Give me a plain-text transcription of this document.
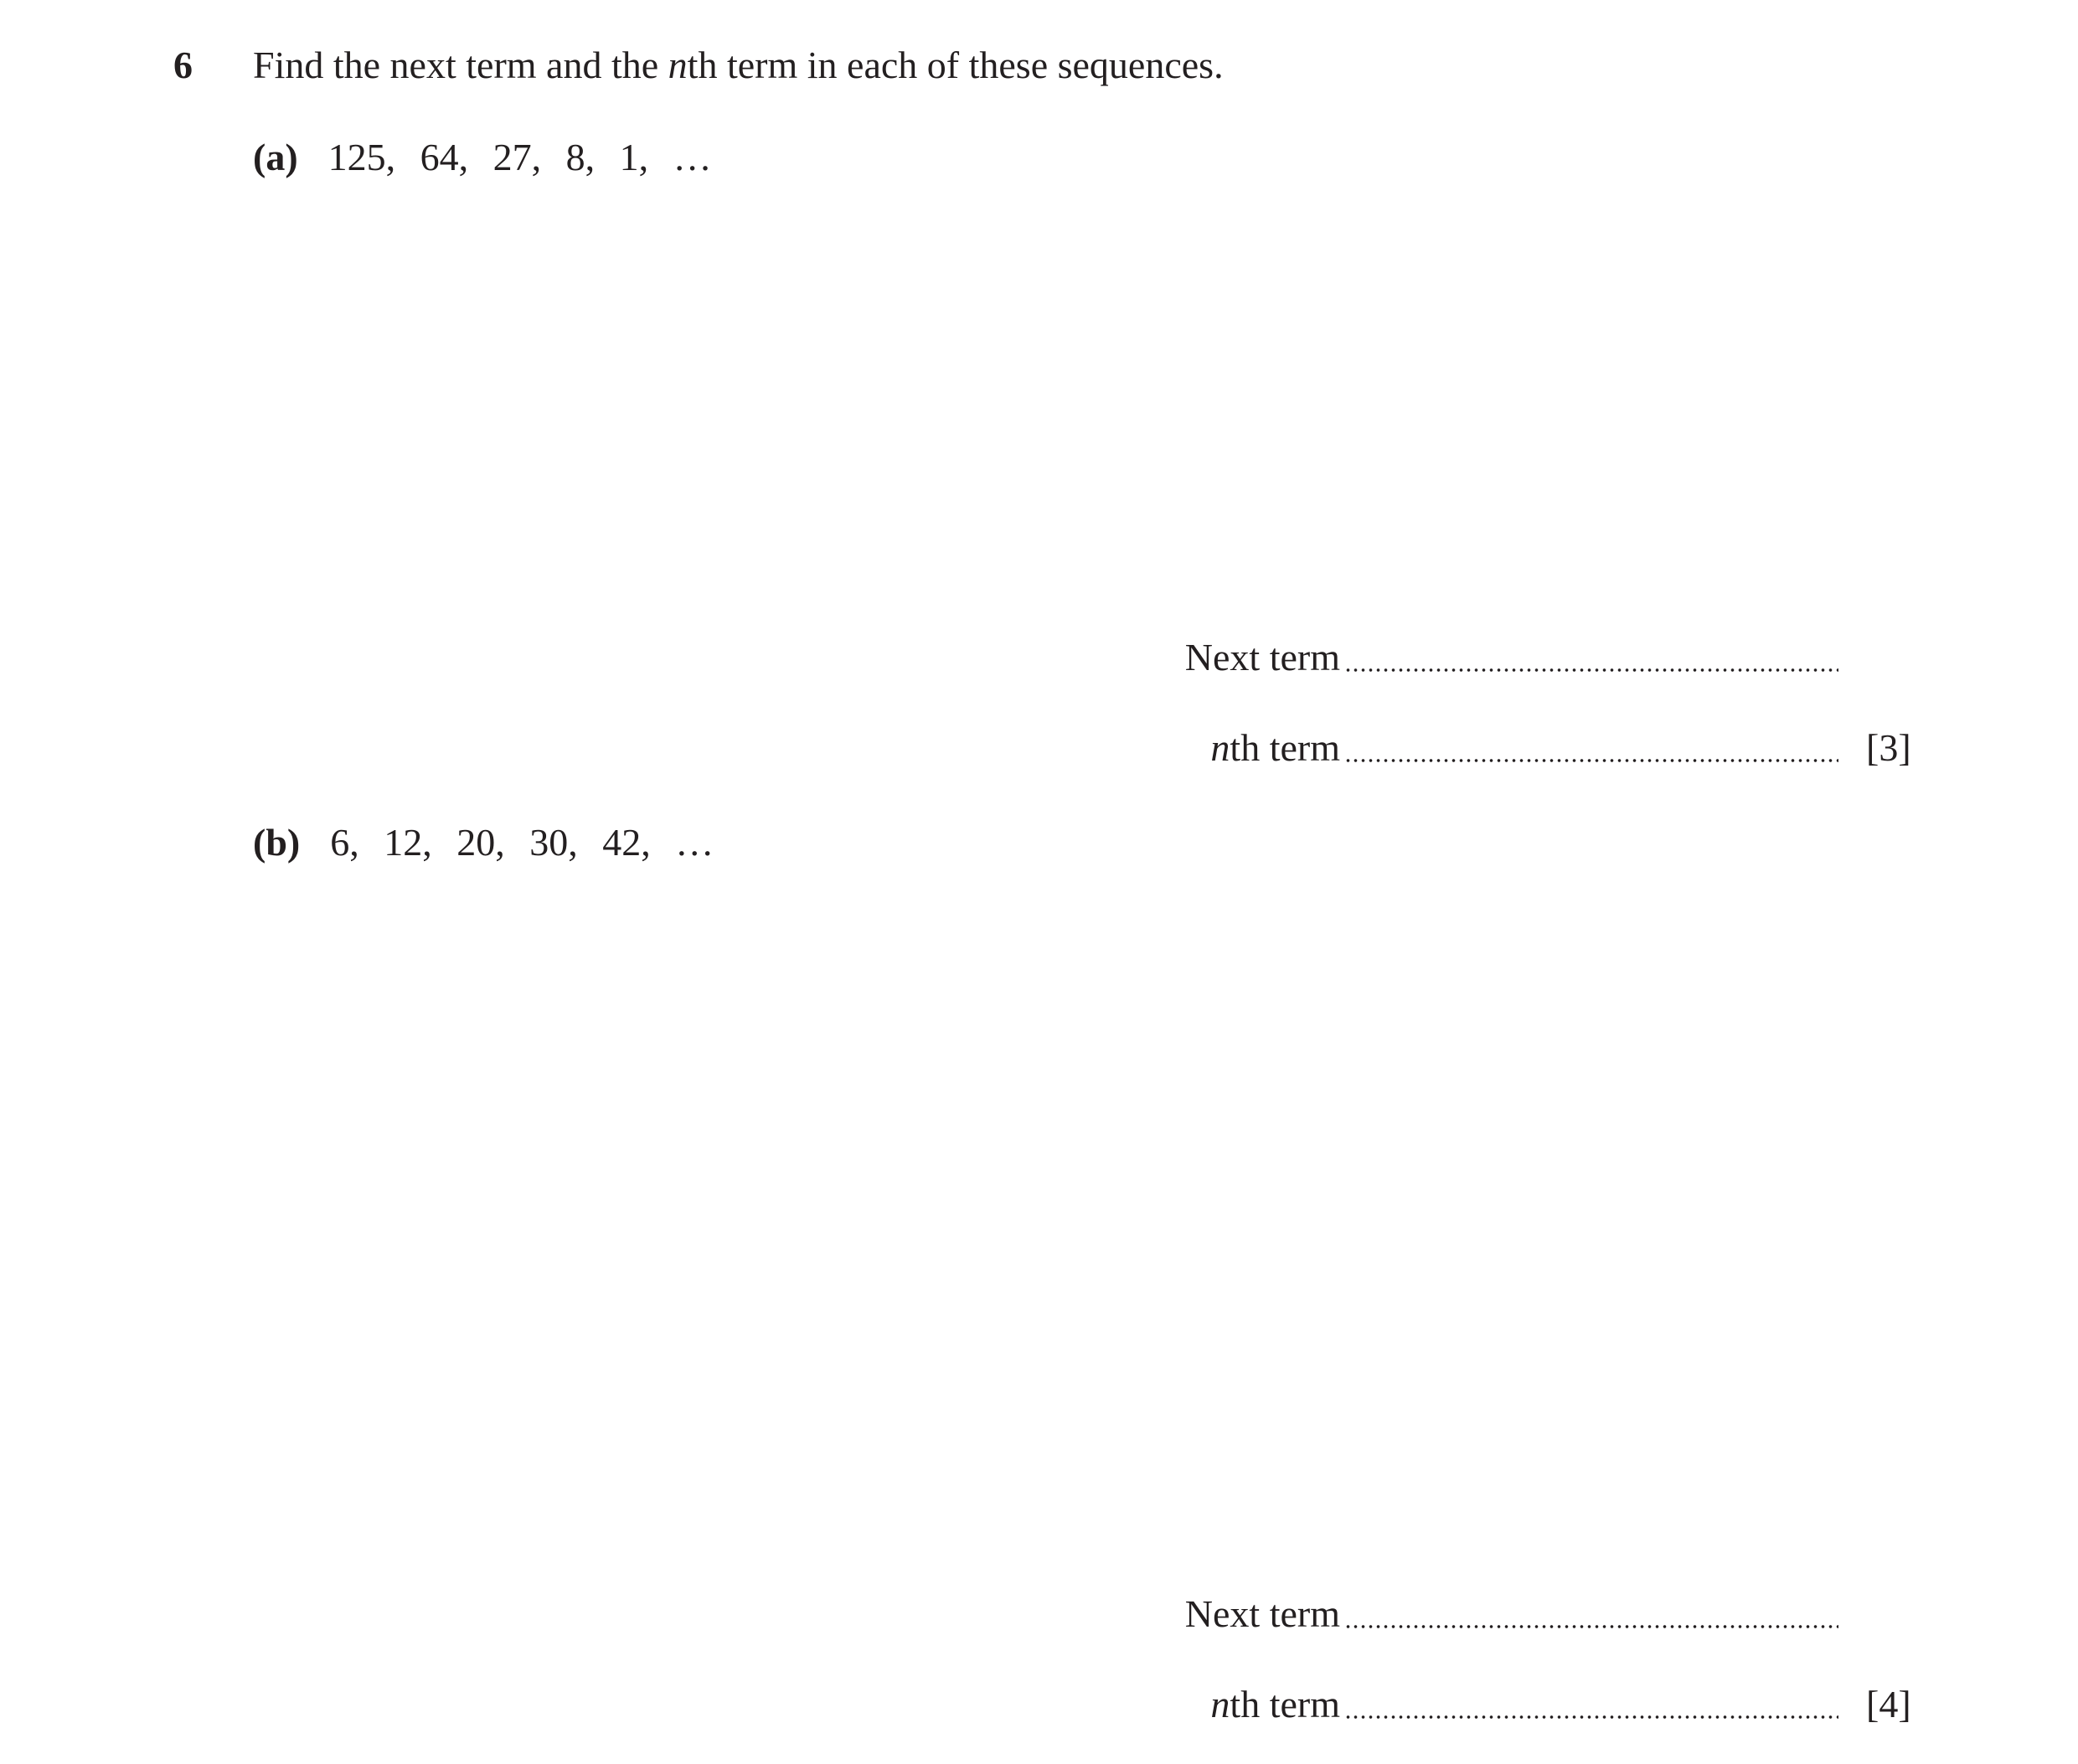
6 Find the next term and the nth term in each of these sequences.
(a) 125, 64, 27, 8, 1, …
Next term
nth term	[3]
(b) 6, 12, 20, 30, 42, …
Next term
nth term	[4]
